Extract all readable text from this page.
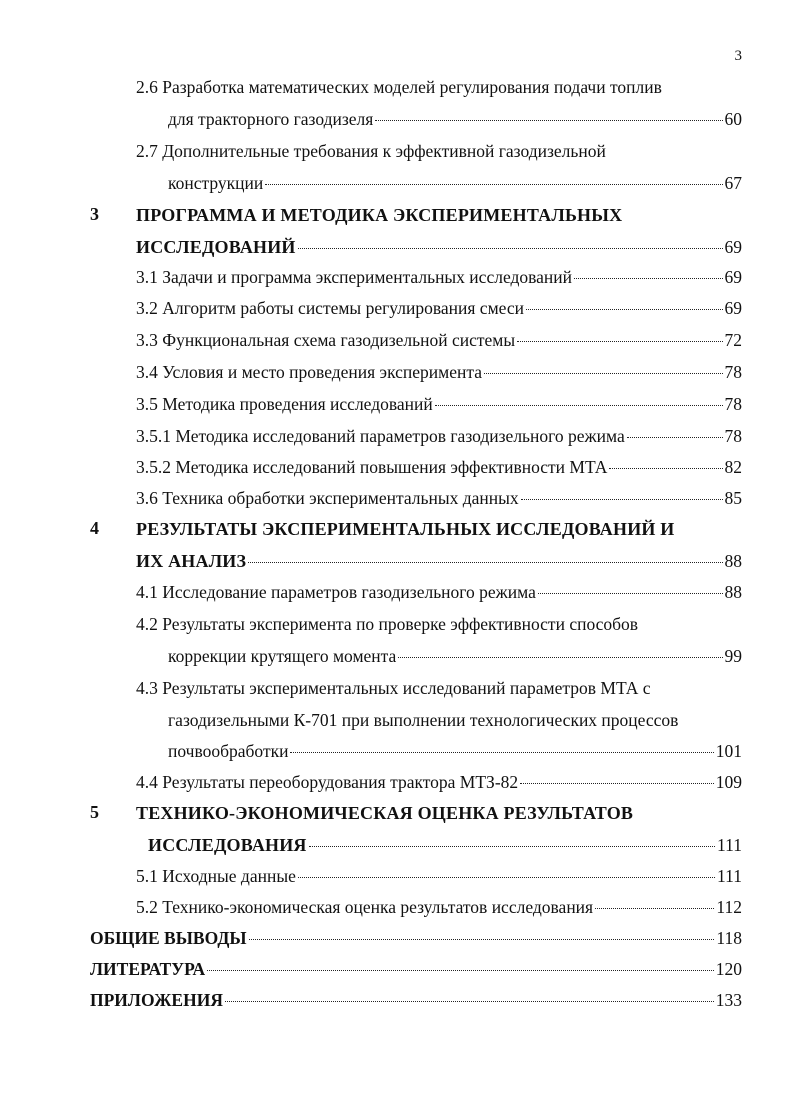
3
2.6 Разработка математических моделей регулирования подачи топлив
для тракторного газодизеля	60
2.7 Дополнительные требования к эффективной газодизельной
конструкции	67
3 ПРОГРАММА И МЕТОДИКА ЭКСПЕРИМЕНТАЛЬНЫХ
ИССЛЕДОВАНИЙ	69
3.1 Задачи и программа экспериментальных исследований	69
3.2 Алгоритм работы системы регулирования смеси	69
3.3 Функциональная схема газодизельной системы	72
3.4 Условия и место проведения эксперимента	78
3.5 Методика проведения исследований	78
3.5.1 Методика исследований параметров газодизельного режима	78
3.5.2 Методика исследований повышения эффективности МТА	82
3.6 Техника обработки экспериментальных данных	85
4 РЕЗУЛЬТАТЫ ЭКСПЕРИМЕНТАЛЬНЫХ ИССЛЕДОВАНИЙ И
ИХ АНАЛИЗ	88
4.1 Исследование параметров газодизельного режима	88
4.2 Результаты эксперимента по проверке эффективности способов
коррекции крутящего момента	99
4.3 Результаты экспериментальных исследований параметров МТА с
газодизельными К-701 при выполнении технологических процессов
почвообработки	101
4.4 Результаты переоборудования трактора МТЗ-82	109
5 ТЕХНИКО-ЭКОНОМИЧЕСКАЯ ОЦЕНКА РЕЗУЛЬТАТОВ
ИССЛЕДОВАНИЯ	111
5.1 Исходные данные	111
5.2 Технико-экономическая оценка результатов исследования	112
ОБЩИЕ ВЫВОДЫ	118
ЛИТЕРАТУРА	120
ПРИЛОЖЕНИЯ	133
